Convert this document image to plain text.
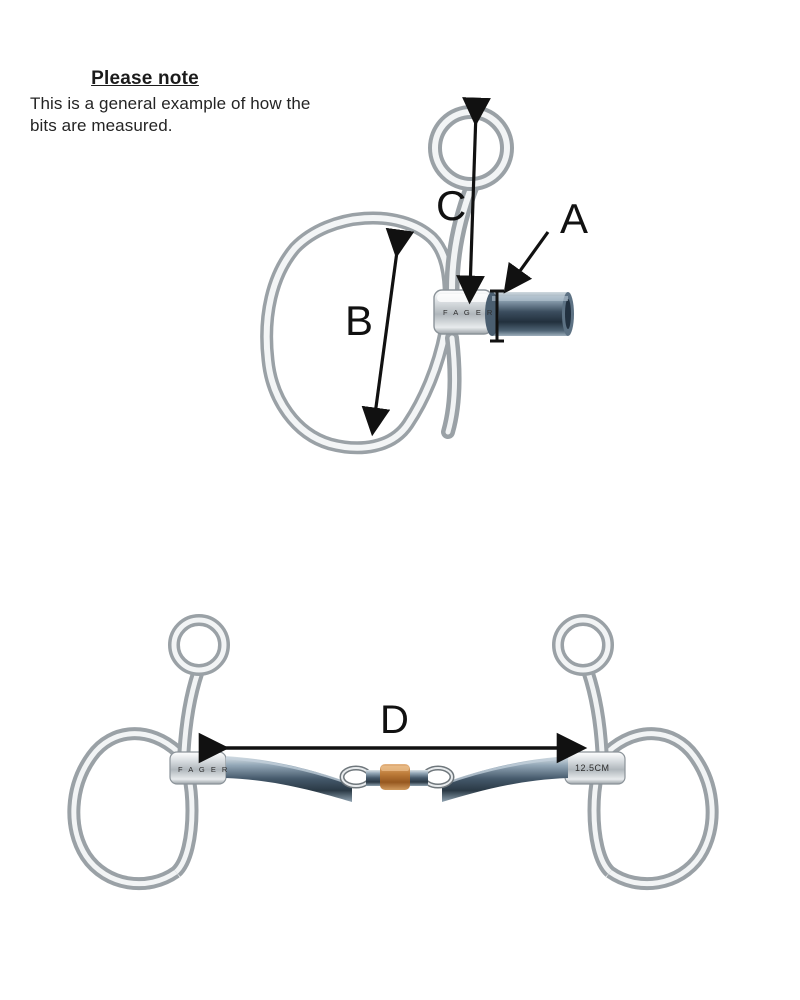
Please note
This is a general example of how the bits are measured.
A
B
C
D
F A G E R
F A G E R	12.5CM
